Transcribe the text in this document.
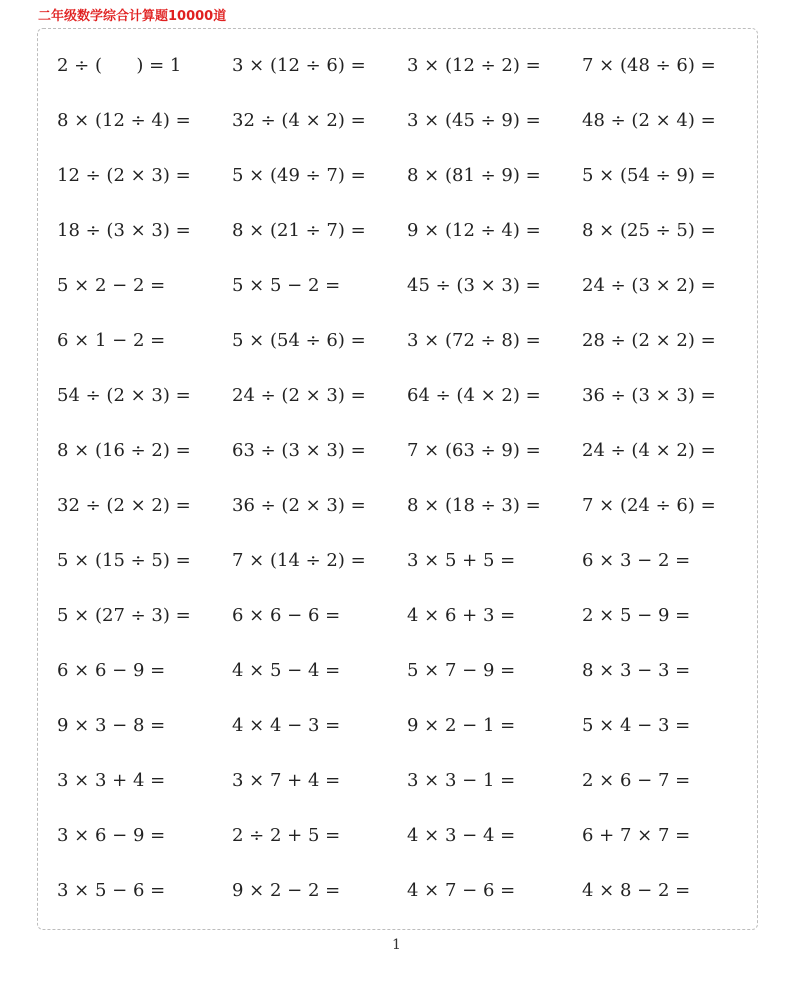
二年级数学综合计算题10000道
2 ÷ (      ) = 1	3 × (12 ÷ 6) =	3 × (12 ÷ 2) =	7 × (48 ÷ 6) =
8 × (12 ÷ 4) =	32 ÷ (4 × 2) =	3 × (45 ÷ 9) =	48 ÷ (2 × 4) =
12 ÷ (2 × 3) =	5 × (49 ÷ 7) =	8 × (81 ÷ 9) =	5 × (54 ÷ 9) =
18 ÷ (3 × 3) =	8 × (21 ÷ 7) =	9 × (12 ÷ 4) =	8 × (25 ÷ 5) =
5 × 2 − 2 =	5 × 5 − 2 =	45 ÷ (3 × 3) =	24 ÷ (3 × 2) =
6 × 1 − 2 =	5 × (54 ÷ 6) =	3 × (72 ÷ 8) =	28 ÷ (2 × 2) =
54 ÷ (2 × 3) =	24 ÷ (2 × 3) =	64 ÷ (4 × 2) =	36 ÷ (3 × 3) =
8 × (16 ÷ 2) =	63 ÷ (3 × 3) =	7 × (63 ÷ 9) =	24 ÷ (4 × 2) =
32 ÷ (2 × 2) =	36 ÷ (2 × 3) =	8 × (18 ÷ 3) =	7 × (24 ÷ 6) =
5 × (15 ÷ 5) =	7 × (14 ÷ 2) =	3 × 5 + 5 =	6 × 3 − 2 =
5 × (27 ÷ 3) =	6 × 6 − 6 =	4 × 6 + 3 =	2 × 5 − 9 =
6 × 6 − 9 =	4 × 5 − 4 =	5 × 7 − 9 =	8 × 3 − 3 =
9 × 3 − 8 =	4 × 4 − 3 =	9 × 2 − 1 =	5 × 4 − 3 =
3 × 3 + 4 =	3 × 7 + 4 =	3 × 3 − 1 =	2 × 6 − 7 =
3 × 6 − 9 =	2 ÷ 2 + 5 =	4 × 3 − 4 =	6 + 7 × 7 =
3 × 5 − 6 =	9 × 2 − 2 =	4 × 7 − 6 =	4 × 8 − 2 =
1
